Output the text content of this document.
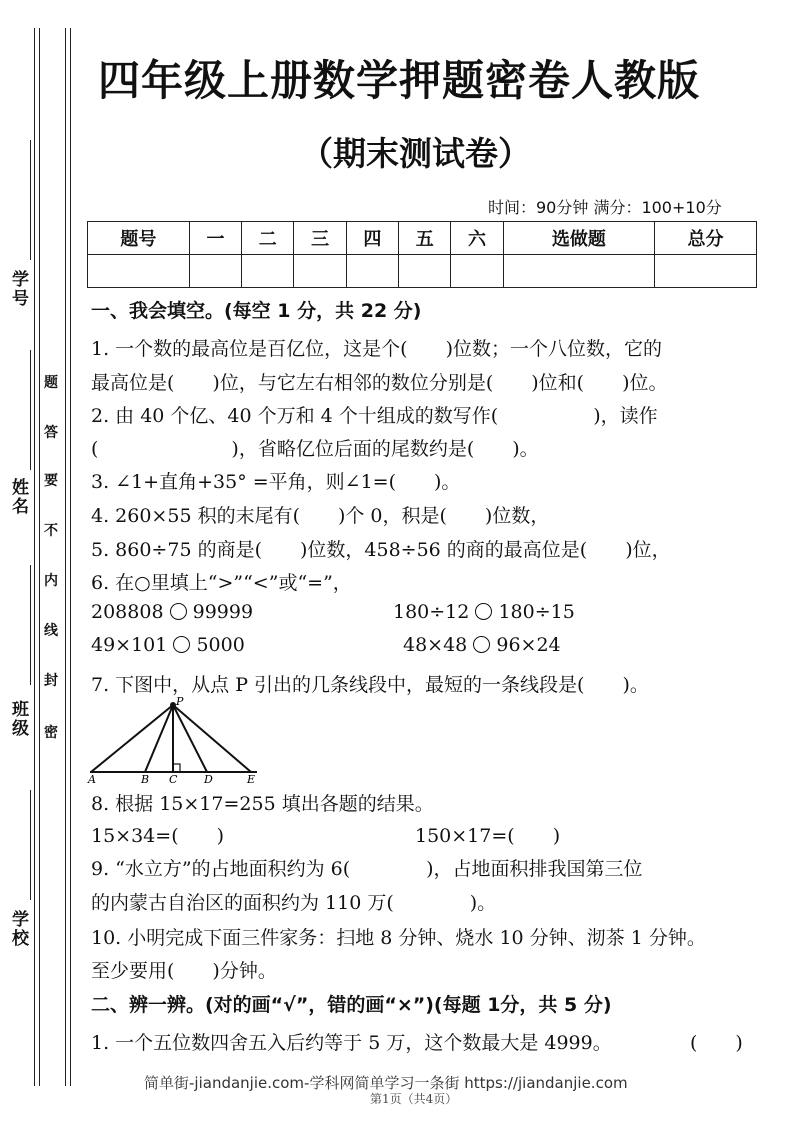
学号
姓名
班级
学校
题
答
要
不
内
线
封
密
四年级上册数学押题密卷人教版
（期末测试卷）
时间：90分钟 满分：100+10分
题号	一	二	三	四	五	六	选做题	总分

一、我会填空。(每空 1 分，共 22 分)
1. 一个数的最高位是百亿位，这是个(　　)位数；一个八位数，它的
最高位是(　　)位，与它左右相邻的数位分别是(　　)位和(　　)位。
2. 由 40 个亿、40 个万和 4 个十组成的数写作(　　　　　)，读作
(　　　　　　　)，省略亿位后面的尾数约是(　　)。
3. ∠1+直角+35° =平角，则∠1=(　　)。
4. 260×55 积的末尾有(　　)个 0，积是(　　)位数，
5. 860÷75 的商是(　　)位数，458÷56 的商的最高位是(　　)位，
6. 在○里填上“>”“<”或“=”，
208808 99999	180÷12 180÷15
49×101 5000	48×48 96×24
7. 下图中，从点 P 引出的几条线段中，最短的一条线段是(　　)。
P
A	B C D	E
8. 根据 15×17=255 填出各题的结果。
15×34=(　　)	150×17=(　　)
9. “水立方”的占地面积约为 6(　　　　)，占地面积排我国第三位
的内蒙古自治区的面积约为 110 万(　　　　)。
10. 小明完成下面三件家务：扫地 8 分钟、烧水 10 分钟、沏茶 1 分钟。
至少要用(　　)分钟。
二、辨一辨。(对的画“√”，错的画“×”)(每题 1分，共 5 分)
1. 一个五位数四舍五入后约等于 5 万，这个数最大是 4999。	(　　)
简单街-jiandanjie.com-学科网简单学习一条街 https://jiandanjie.com
第1页（共4页）
